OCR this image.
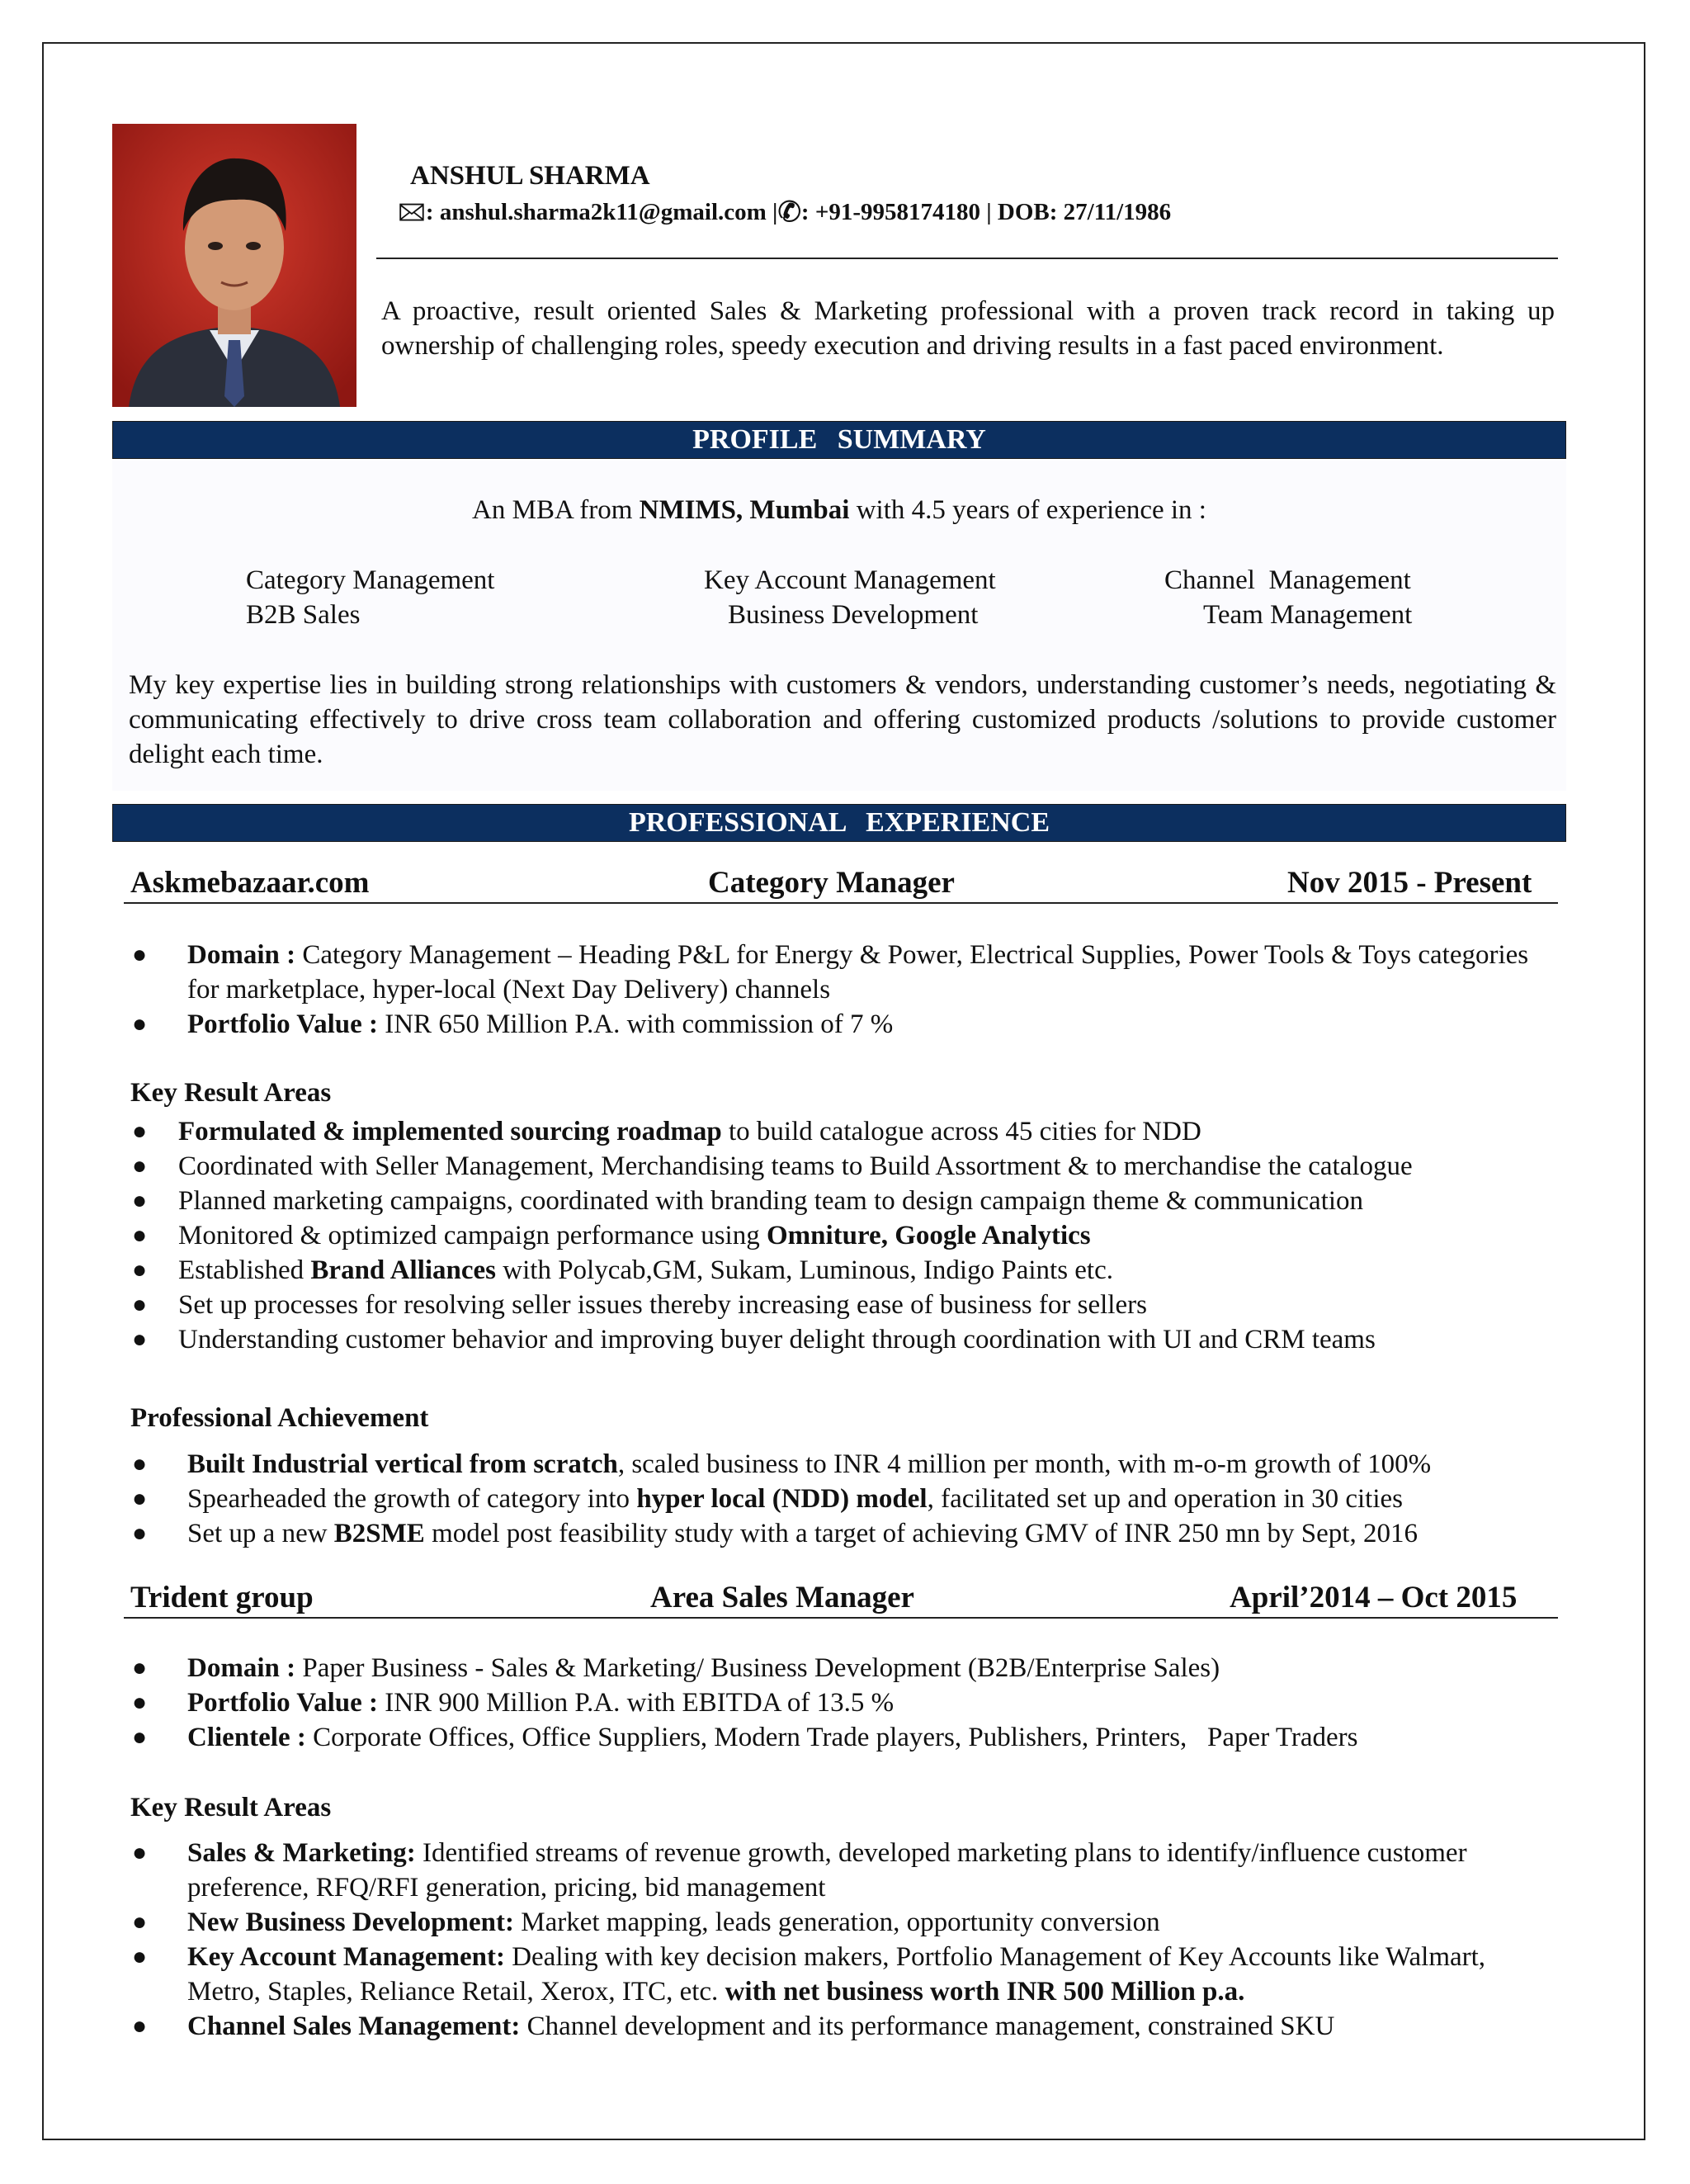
ANSHUL SHARMA
🖂: anshul.sharma2k11@gmail.com |✆: +91-9958174180 | DOB: 27/11/1986
A proactive, result oriented Sales & Marketing professional with a proven track record in taking up ownership of challenging roles, speedy execution and driving results in a fast paced environment.
PROFILE SUMMARY
An MBA from NMIMS, Mumbai with 4.5 years of experience in :
Category Management	Key Account Management	Channel  Management
B2B Sales	Business Development	Team Management
My key expertise lies in building strong relationships with customers & vendors, understanding customer’s needs, negotiating & communicating effectively to drive cross team collaboration and offering customized products /solutions to provide customer delight each time.
PROFESSIONAL EXPERIENCE
Askmebazaar.com	Category Manager	Nov 2015 - Present
● Domain : Category Management – Heading P&L for Energy & Power, Electrical Supplies, Power Tools & Toys categories for marketplace, hyper-local (Next Day Delivery) channels
● Portfolio Value : INR 650 Million P.A. with commission of 7 %
Key Result Areas
● Formulated & implemented sourcing roadmap to build catalogue across 45 cities for NDD
● Coordinated with Seller Management, Merchandising teams to Build Assortment & to merchandise the catalogue
● Planned marketing campaigns, coordinated with branding team to design campaign theme & communication
● Monitored & optimized campaign performance using Omniture, Google Analytics
● Established Brand Alliances with Polycab,GM, Sukam, Luminous, Indigo Paints etc.
● Set up processes for resolving seller issues thereby increasing ease of business for sellers
● Understanding customer behavior and improving buyer delight through coordination with UI and CRM teams
Professional Achievement
● Built Industrial vertical from scratch, scaled business to INR 4 million per month, with m-o-m growth of 100%
● Spearheaded the growth of category into hyper local (NDD) model, facilitated set up and operation in 30 cities
● Set up a new B2SME model post feasibility study with a target of achieving GMV of INR 250 mn by Sept, 2016
Trident group	Area Sales Manager	April’2014 – Oct 2015
● Domain : Paper Business - Sales & Marketing/ Business Development (B2B/Enterprise Sales)
● Portfolio Value : INR 900 Million P.A. with EBITDA of 13.5 %
● Clientele : Corporate Offices, Office Suppliers, Modern Trade players, Publishers, Printers,   Paper Traders
Key Result Areas
● Sales & Marketing: Identified streams of revenue growth, developed marketing plans to identify/influence customer preference, RFQ/RFI generation, pricing, bid management
● New Business Development: Market mapping, leads generation, opportunity conversion
● Key Account Management: Dealing with key decision makers, Portfolio Management of Key Accounts like Walmart, Metro, Staples, Reliance Retail, Xerox, ITC, etc. with net business worth INR 500 Million p.a.
● Channel Sales Management: Channel development and its performance management, constrained SKU
